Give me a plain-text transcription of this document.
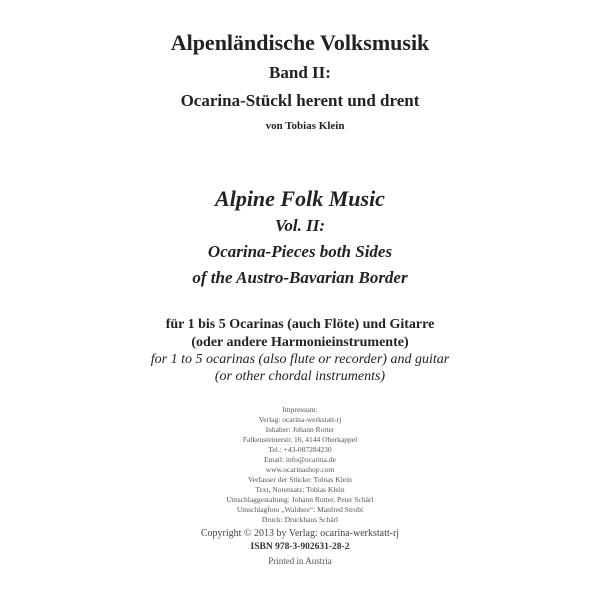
Alpenländische Volksmusik
Band II:
Ocarina-Stückl herent und drent
von Tobias Klein
Alpine Folk Music
Vol. II:
Ocarina-Pieces both Sides
of the Austro-Bavarian Border
für 1 bis 5 Ocarinas (auch Flöte) und Gitarre
(oder andere Harmonieinstrumente)
for 1 to 5 ocarinas (also flute or recorder) and guitar
(or other chordal instruments)
Impressum:
Verlag: ocarina-werkstatt-rj
Inhaber: Johann Rotter
Falkensteinerstr. 16, 4144 Oberkappel
Tel.: +43-087284230
Email: info@ocarina.de
www.ocarinashop.com
Verfasser der Stücke: Tobias Klein
Text, Notensatz: Tobias Klein
Umschlaggestaltung: Johann Rotter, Peter Schärl
Umschlagfoto „Waldsee“: Manfred Strobl
Druck: Druckhaus Schärl
Copyright © 2013 by Verlag: ocarina-werkstatt-rj
ISBN 978-3-902631-28-2
Printed in Austria
